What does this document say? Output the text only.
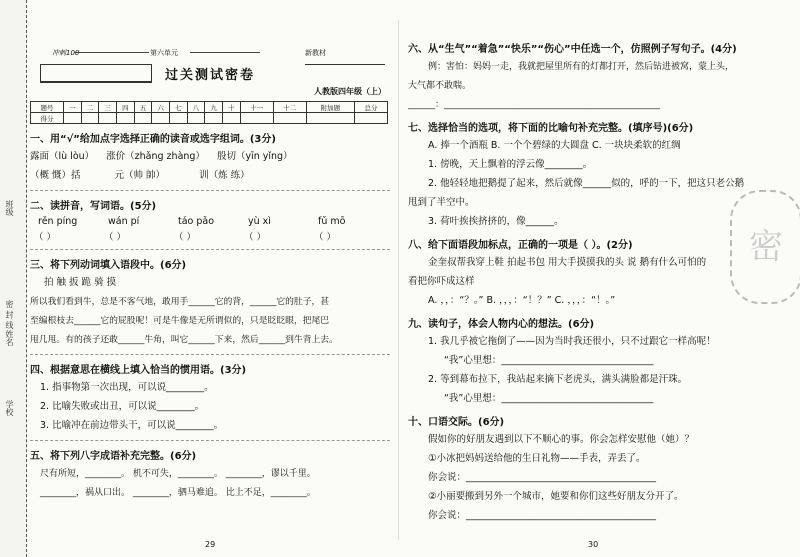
班级
密 封 线
姓名
学校
冲刺100	第六单元	新教材
过关测试密卷
人教版四年级（上）
题号	一	二	三	四	五	六	七	八	九	十	十一	十二	附加题	总分
得分														
一、用“√”给加点字选择正确的读音或选字组词。(3分)
露面（lù lòu） 涨价（zhǎng zhàng） 殷切（yīn yǐng）
（概 慨）括	元（帅 帥）	训（炼 练）
二、读拼音，写词语。(5分)
rěn píng	wán pí	táo pǎo	yù xì	fǔ mō
（ ）	（ ）	（ ）	（ ）	（ ）
三、将下列动词填入语段中。(6分)
拍 触 扳 跪 骑 摸
所以我们看到牛，总是不客气地，敢用手______它的背，______它的肚子，甚
至编根枝去______它的屁股呢！可是牛像是无所谓似的，只是眨眨眼，把尾巴
甩几甩。有的孩子还敢______牛角，叫它______下来，然后______到牛背上去。
四、根据意思在横线上填入恰当的惯用语。(3分)
1. 指事物第一次出现，可以说________。
2. 比喻失败或出丑，可以说________。
3. 比喻冲在前边带头干，可以说________。
五、将下列八字成语补充完整。(6分)
尺有所短，________。 机不可失，________。 ________，谬以千里。
________，祸从口出。 ________，驷马难追。 比上不足，________。
29
六、从“生气”“着急”“快乐”“伤心”中任选一个，仿照例子写句子。(4分)
例：害怕：妈妈一走，我就把屋里所有的灯都打开，然后钻进被窝，蒙上头，
大气都不敢喘。
______：________________________________________________
七、选择恰当的选项，将下面的比喻句补充完整。(填序号)(6分)
A. 捧一个酒瓶 B. 一个个碧绿的大圆盘 C. 一块块柔软的红绸
1. 傍晚，天上飘着的浮云像________。
2. 他轻轻地把鹅提了起来，然后就像______似的，呼的一下，把这只老公鹅
甩到了半空中。
3. 荷叶挨挨挤挤的，像______。
八、给下面语段加标点，正确的一项是（ ）。(2分)
金奎叔帮我穿上鞋 拍起书包 用大手摸摸我的头 说 鹅有什么可怕的
看把你吓成这样
A. ，，：“？。” B. ，，，：“！？” C. ，，，：“！。”
九、读句子，体会人物内心的想法。(6分)
1. 我几乎被它拖倒了——因为当时我还很小，只不过跟它一样高呢！
“我”心里想：________________________________
2. 等到幕布拉下，我站起来摘下老虎头，满头满脸都是汗珠。
“我”心里想：________________________________
十、口语交际。(6分)
假如你的好朋友遇到以下不顺心的事。你会怎样安慰他（她）？
①小冰把妈妈送给他的生日礼物——手表，弄丢了。
你会说：________________________________________
②小丽要搬到另外一个城市，她要和你们这些好朋友分开了。
你会说：________________________________________
30
密
